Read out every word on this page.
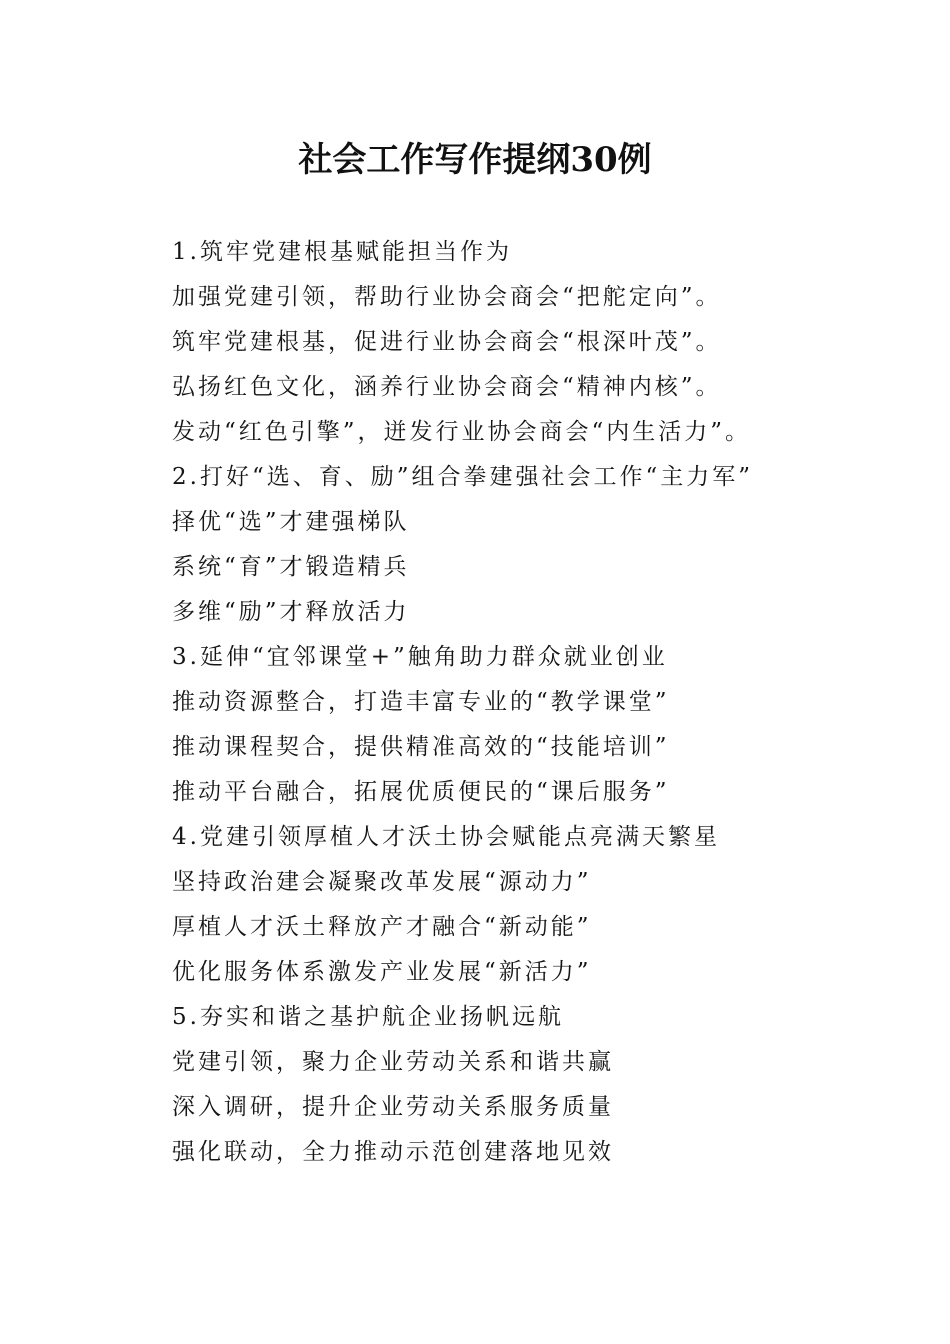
社会工作写作提纲30例
1.筑牢党建根基赋能担当作为
加强党建引领，帮助行业协会商会“把舵定向”。
筑牢党建根基，促进行业协会商会“根深叶茂”。
弘扬红色文化，涵养行业协会商会“精神内核”。
发动“红色引擎”，迸发行业协会商会“内生活力”。
2.打好“选、育、励”组合拳建强社会工作“主力军”
择优“选”才建强梯队
系统“育”才锻造精兵
多维“励”才释放活力
3.延伸“宜邻课堂+”触角助力群众就业创业
推动资源整合，打造丰富专业的“教学课堂”
推动课程契合，提供精准高效的“技能培训”
推动平台融合，拓展优质便民的“课后服务”
4.党建引领厚植人才沃土协会赋能点亮满天繁星
坚持政治建会凝聚改革发展“源动力”
厚植人才沃土释放产才融合“新动能”
优化服务体系激发产业发展“新活力”
5.夯实和谐之基护航企业扬帆远航
党建引领，聚力企业劳动关系和谐共赢
深入调研，提升企业劳动关系服务质量
强化联动，全力推动示范创建落地见效
